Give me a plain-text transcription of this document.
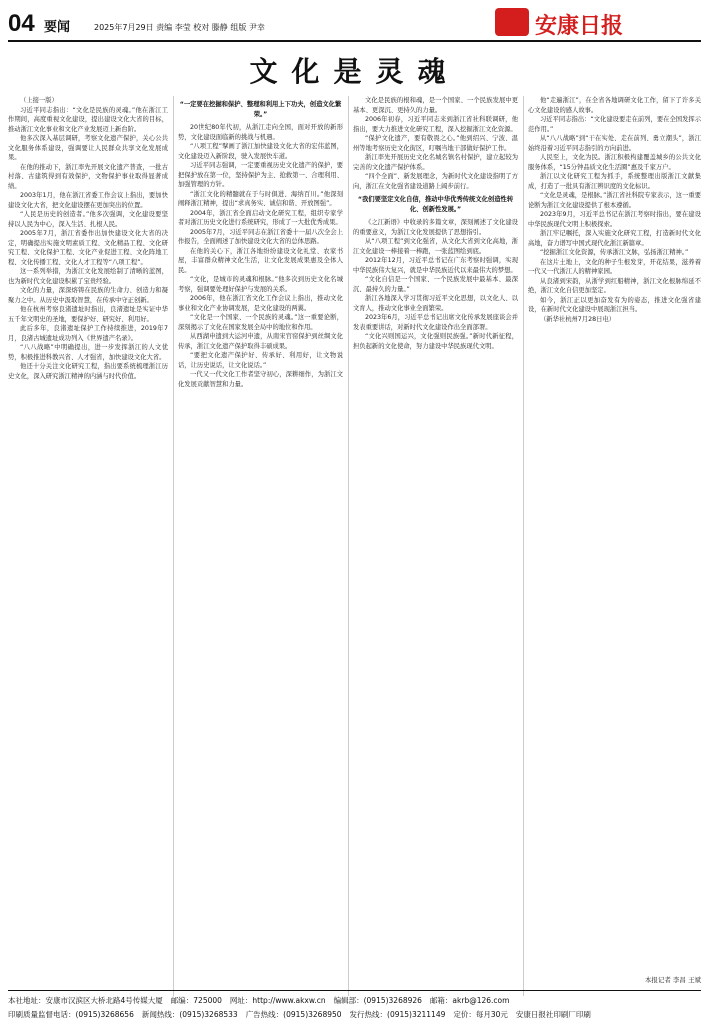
04 要闻	2025年7月29日 责编 李莹 校对 滕静 组版 尹幸	安康日报
文化是灵魂

（上接一版）

习近平同志指出：“文化是民族的灵魂。”他在浙江工作期间，高度重视文化建设，提出建设文化大省的目标，推动浙江文化事业和文化产业发展迈上新台阶。

他多次深入基层调研，考察文化遗产保护，关心公共文化服务体系建设，强调要让人民群众共享文化发展成果。

在他的推动下，浙江率先开展文化遗产普查，一批古村落、古建筑得到有效保护，文物保护事业取得显著成绩。

2003年1月，他在浙江省委工作会议上指出，要加快建设文化大省，把文化建设摆在更加突出的位置。

“人民是历史的创造者。”他多次强调，文化建设要坚持以人民为中心，深入生活、扎根人民。

2005年7月，浙江省委作出加快建设文化大省的决定，明确提出实施文明素质工程、文化精品工程、文化研究工程、文化保护工程、文化产业促进工程、文化阵地工程、文化传播工程、文化人才工程等“八项工程”。

这一系列举措，为浙江文化发展绘制了清晰的蓝图，也为新时代文化建设积累了宝贵经验。

文化的力量，深深熔铸在民族的生命力、创造力和凝聚力之中。从历史中汲取智慧，在传承中守正创新。

他在杭州考察良渚遗址时指出，良渚遗址是实证中华五千年文明史的圣地，要保护好、研究好、利用好。

此后多年，良渚遗址保护工作持续推进，2019年7月，良渚古城遗址成功列入《世界遗产名录》。

“八八战略”中明确提出，进一步发挥浙江的人文优势，积极推进科教兴省、人才强省，加快建设文化大省。

他还十分关注文化研究工程，指出要系统梳理浙江历史文化，深入研究浙江精神的内涵与时代价值。

“一定要在挖掘和保护、整理和利用上下功夫，创造文化繁荣。”

20世纪80年代初，从浙江走向全国，面对开放的新形势，文化建设面临新的挑战与机遇。

“八项工程”擘画了浙江加快建设文化大省的宏伟蓝图，文化建设迈入新阶段，驶入发展快车道。

习近平同志强调，一定要重视历史文化遗产的保护，要把保护放在第一位，坚持保护为主、抢救第一、合理利用、加强管理的方针。

“浙江文化的精髓就在于与时俱进、海纳百川。”他深刻阐释浙江精神，提出“求真务实、诚信和谐、开放图强”。

2004年，浙江省全面启动文化研究工程，组织专家学者对浙江历史文化进行系统研究，形成了一大批优秀成果。

2005年7月，习近平同志在浙江省委十一届八次全会上作报告，全面阐述了加快建设文化大省的总体思路。

在他的关心下，浙江各地纷纷建设文化礼堂、农家书屋，丰富群众精神文化生活，让文化发展成果惠及全体人民。

“文化，是城市的灵魂和根脉。”他多次到历史文化名城考察，强调要处理好保护与发展的关系。

2006年，他在浙江省文化工作会议上指出，推动文化事业和文化产业协调发展，是文化建设的两翼。

“文化是一个国家、一个民族的灵魂。”这一重要论断，深刻揭示了文化在国家发展全局中的地位和作用。

从西湖申遗到大运河申遗，从南宋官窑保护到丝绸文化传承，浙江文化遗产保护取得丰硕成果。

“要把文化遗产保护好、传承好、利用好，让文物说话，让历史说话，让文化说话。”

一代又一代文化工作者坚守初心，深耕细作，为浙江文化发展贡献智慧和力量。

文化是民族的根和魂，是一个国家、一个民族发展中更基本、更深沉、更持久的力量。

2006年初春，习近平同志来到浙江省社科联调研，他指出，要大力推进文化研究工程，深入挖掘浙江文化资源。

“保护文化遗产，要有敬畏之心。”他到绍兴、宁波、温州等地考察历史文化街区，叮嘱当地干部做好保护工作。

浙江率先开展历史文化名城名镇名村保护，建立起较为完善的文化遗产保护体系。

“四个全面”、新发展理念，为新时代文化建设指明了方向，浙江在文化强省建设道路上阔步前行。

“我们要坚定文化自信，推动中华优秀传统文化创造性转化、创新性发展。”

《之江新语》中收录的多篇文章，深刻阐述了文化建设的重要意义，为浙江文化发展提供了思想指引。

从“八项工程”到文化强省，从文化大省到文化高地，浙江文化建设一棒接着一棒跑，一张蓝图绘到底。

2012年12月，习近平总书记在广东考察时强调，实现中华民族伟大复兴，就是中华民族近代以来最伟大的梦想。

“文化自信是一个国家、一个民族发展中最基本、最深沉、最持久的力量。”

浙江各地深入学习贯彻习近平文化思想，以文化人、以文育人，推动文化事业全面繁荣。

2023年6月，习近平总书记出席文化传承发展座谈会并发表重要讲话，对新时代文化建设作出全面部署。

“文化兴则国运兴，文化强则民族强。”新时代新征程，担负起新的文化使命，努力建设中华民族现代文明。

他“走遍浙江”，在全省各地调研文化工作，留下了许多关心文化建设的感人故事。

习近平同志指出：“文化建设要走在前列，要在全国发挥示范作用。”

从“八八战略”到“干在实处、走在前列、勇立潮头”，浙江始终沿着习近平同志指引的方向前进。

人民至上，文化为民。浙江积极构建覆盖城乡的公共文化服务体系，“15分钟品质文化生活圈”惠及千家万户。

浙江以文化研究工程为抓手，系统整理出版浙江文献集成，打造了一批具有浙江辨识度的文化标识。

“文化是灵魂，是根脉。”浙江省社科院专家表示，这一重要论断为浙江文化建设提供了根本遵循。

2023年9月，习近平总书记在浙江考察时指出，要在建设中华民族现代文明上积极探索。

浙江牢记嘱托，深入实施文化研究工程，打造新时代文化高地，奋力谱写中国式现代化浙江新篇章。

“挖掘浙江文化资源，传承浙江文脉，弘扬浙江精神。”

在这片土地上，文化的种子生根发芽，开花结果，滋养着一代又一代浙江人的精神家园。

从良渚到宋韵，从浙学到红船精神，浙江文化根脉绵延不绝，浙江文化自信更加坚定。

如今，浙江正以更加奋发有为的姿态，推进文化强省建设，在新时代文化建设中展现浙江担当。

（新华社杭州7月28日电）

本报记者 李昌 王斌
本社地址：安康市汉滨区大桥北路4号传媒大厦 邮编：725000 网址：http://www.akxw.cn 编辑部：(0915)3268926 邮箱：akrb@126.com
印刷质量监督电话：(0915)3268656 新闻热线：(0915)3268533 广告热线：(0915)3268950 发行热线：(0915)3211149 定价：每月30元 安康日报社印刷厂印刷
